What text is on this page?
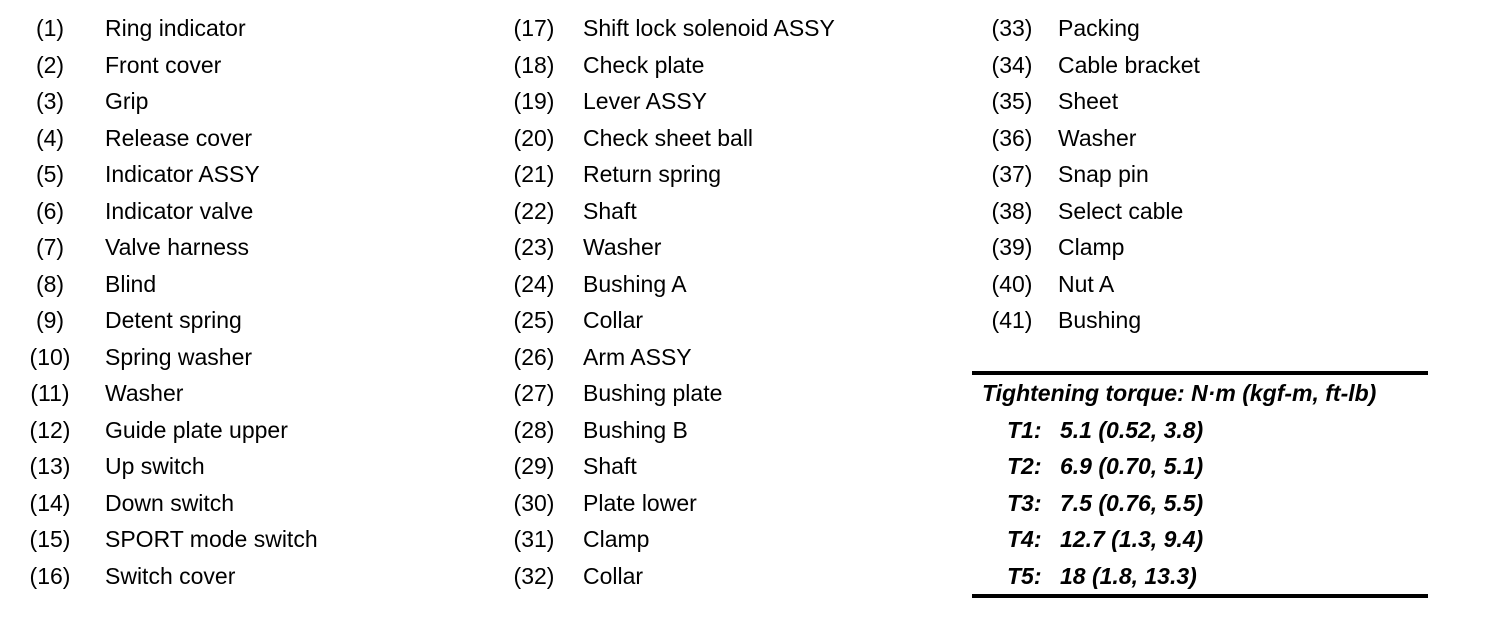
(1)	Ring indicator
(2)	Front cover
(3)	Grip
(4)	Release cover
(5)	Indicator ASSY
(6)	Indicator valve
(7)	Valve harness
(8)	Blind
(9)	Detent spring
(10)	Spring washer
(11)	Washer
(12)	Guide plate upper
(13)	Up switch
(14)	Down switch
(15)	SPORT mode switch
(16)	Switch cover
(17)	Shift lock solenoid ASSY
(18)	Check plate
(19)	Lever ASSY
(20)	Check sheet ball
(21)	Return spring
(22)	Shaft
(23)	Washer
(24)	Bushing A
(25)	Collar
(26)	Arm ASSY
(27)	Bushing plate
(28)	Bushing B
(29)	Shaft
(30)	Plate lower
(31)	Clamp
(32)	Collar
(33)	Packing
(34)	Cable bracket
(35)	Sheet
(36)	Washer
(37)	Snap pin
(38)	Select cable
(39)	Clamp
(40)	Nut A
(41)	Bushing
Tightening torque: N·m (kgf-m, ft-lb)
T1: 5.1 (0.52, 3.8)
T2: 6.9 (0.70, 5.1)
T3: 7.5 (0.76, 5.5)
T4: 12.7 (1.3, 9.4)
T5: 18 (1.8, 13.3)
